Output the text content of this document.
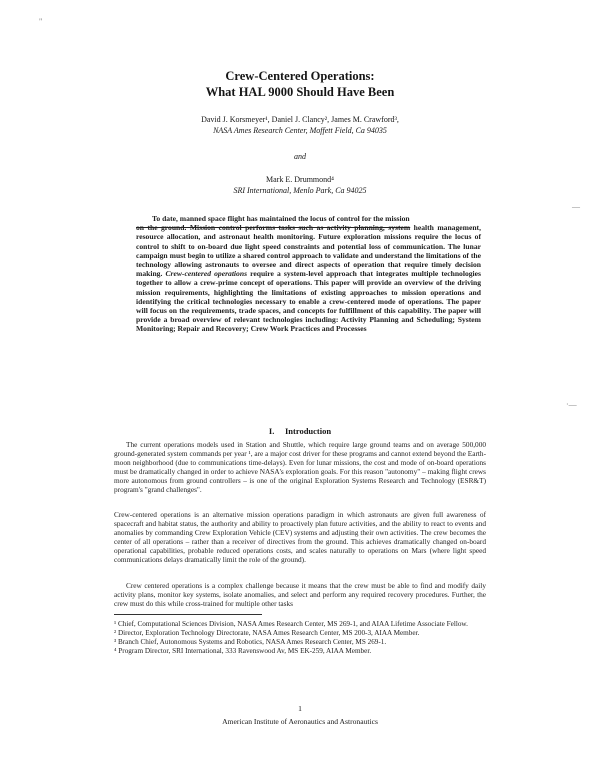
"
—
·—
Crew-Centered Operations:
What HAL 9000 Should Have Been
David J. Korsmeyer¹, Daniel J. Clancy², James M. Crawford³,
NASA Ames Research Center, Moffett Field, Ca 94035
and
Mark E. Drummond⁴
SRI International, Menlo Park, Ca 94025
To date, manned space flight has maintained the locus of control for the mission
on the ground. Mission control performs tasks such as activity planning, system health management, resource allocation, and astronaut health monitoring. Future exploration missions require the locus of control to shift to on-board due light speed constraints and potential loss of communication. The lunar campaign must begin to utilize a shared control approach to validate and understand the limitations of the technology allowing astronauts to oversee and direct aspects of operation that require timely decision making. Crew-centered operations require a system-level approach that integrates multiple technologies together to allow a crew-prime concept of operations. This paper will provide an overview of the driving mission requirements, highlighting the limitations of existing approaches to mission operations and identifying the critical technologies necessary to enable a crew-centered mode of operations. The paper will focus on the requirements, trade spaces, and concepts for fulfillment of this capability. The paper will provide a broad overview of relevant technologies including: Activity Planning and Scheduling; System Monitoring; Repair and Recovery; Crew Work Practices and Processes
I. Introduction
The current operations models used in Station and Shuttle, which require large ground teams and on average 500,000 ground-generated system commands per year ¹, are a major cost driver for these programs and cannot extend beyond the Earth-moon neighborhood (due to communications time-delays). Even for lunar missions, the cost and mode of on-board operations must be dramatically changed in order to achieve NASA's exploration goals. For this reason "autonomy" – making flight crews more autonomous from ground controllers – is one of the original Exploration Systems Research and Technology (ESR&T) program's "grand challenges".
Crew-centered operations is an alternative mission operations paradigm in which astronauts are given full awareness of spacecraft and habitat status, the authority and ability to proactively plan future activities, and the ability to react to events and anomalies by commanding Crew Exploration Vehicle (CEV) systems and adjusting their own activities. The crew becomes the center of all operations – rather than a receiver of directives from the ground. This achieves dramatically changed on-board operational capabilities, probable reduced operations costs, and scales naturally to operations on Mars (where light speed communications delays dramatically limit the role of the ground).
Crew centered operations is a complex challenge because it means that the crew must be able to find and modify daily activity plans, monitor key systems, isolate anomalies, and select and perform any required recovery procedures. Further, the crew must do this while cross-trained for multiple other tasks

¹ Chief, Computational Sciences Division, NASA Ames Research Center, MS 269-1, and AIAA Lifetime Associate Fellow.

² Director, Exploration Technology Directorate, NASA Ames Research Center, MS 200-3, AIAA Member.

³ Branch Chief, Autonomous Systems and Robotics, NASA Ames Research Center, MS 269-1.

⁴ Program Director, SRI International, 333 Ravenswood Av, MS EK-259, AIAA Member.

1
American Institute of Aeronautics and Astronautics
